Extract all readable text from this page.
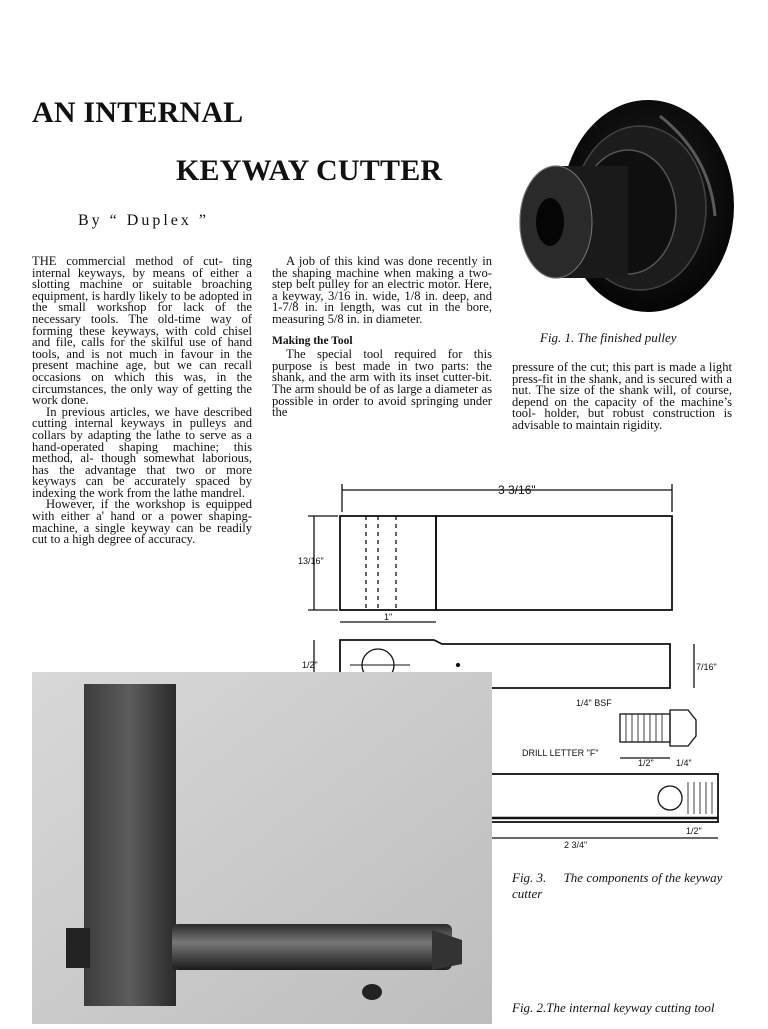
AN INTERNAL
KEYWAY CUTTER
By “ Duplex ”
Fig. 1. The finished pulley

THE commercial method of cut- ting internal keyways, by means of either a slotting machine or suitable broaching equipment, is hardly likely to be adopted in the small workshop for lack of the necessary tools. The old-time way of forming these keyways, with cold chisel and file, calls for the skilful use of hand tools, and is not much in favour in the present machine age, but we can recall occasions on which this was, in the circumstances, the only way of getting the work done.

In previous articles, we have described cutting internal keyways in pulleys and collars by adapting the lathe to serve as a hand-operated shaping machine; this method, al- though somewhat laborious, has the advantage that two or more keyways can be accurately spaced by indexing the work from the lathe mandrel.

However, if the workshop is equipped with either a' hand or a power shaping-machine, a single keyway can be readily cut to a high degree of accuracy.

A job of this kind was done recently in the shaping machine when making a two-step belt pulley for an electric motor. Here, a keyway, 3/16 in. wide, 1/8 in. deep, and 1-7/8 in. in length, was cut in the bore, measuring 5/8 in. in diameter.

Making the Tool

The special tool required for this purpose is best made in two parts: the shank, and the arm with its inset cutter-bit. The arm should be of as large a diameter as possible in order to avoid springing under the

pressure of the cut; this part is made a light press-fit in the shank, and is secured with a nut. The size of the shank will, of course, depend on the capacity of the machine’s tool- holder, but robust construction is advisable to maintain rigidity.

3 3/16"
13/16"
1"
1/2"	7/16"
1/4" BSF
1/2" 1/4"
DRILL LETTER "F"
2 3/4"
1/2"
Fig. 3. The components of the keyway cutter
Fig. 2.The internal keyway cutting tool
